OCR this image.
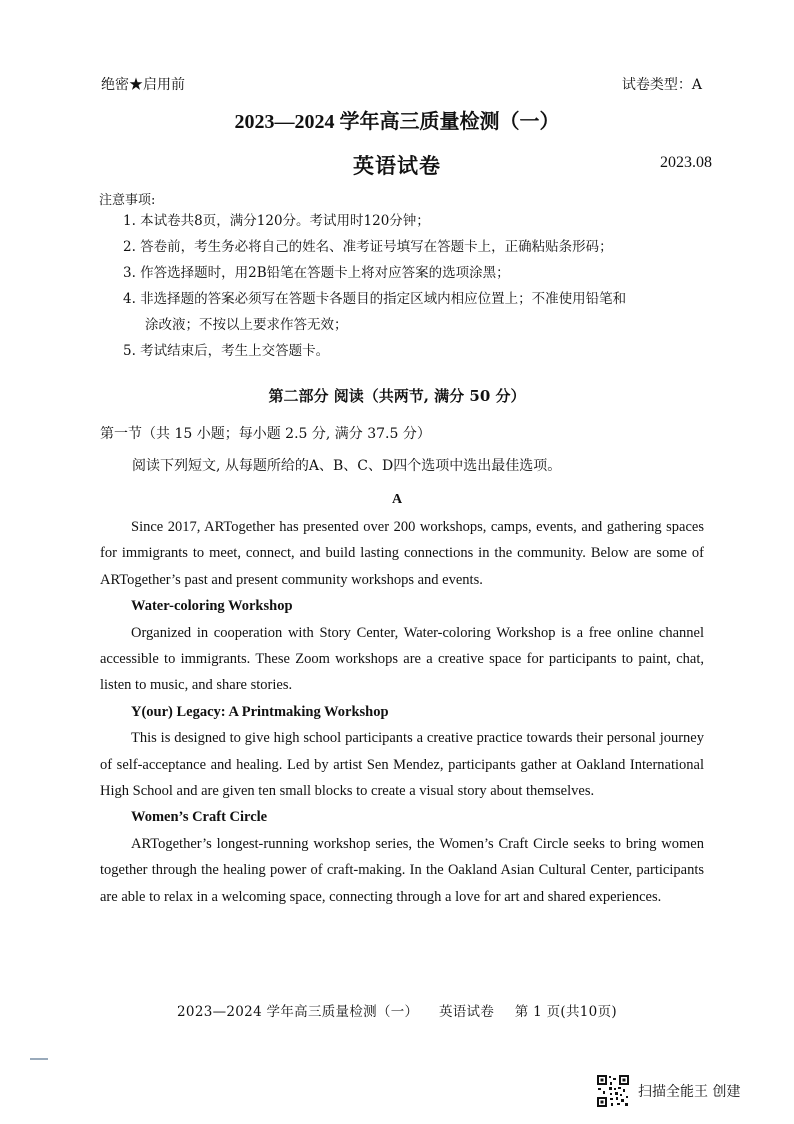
绝密★启用前	试卷类型：A
2023—2024 学年高三质量检测（一）
英语试卷	2023.08
注意事项:
1. 本试卷共8页，满分120分。考试用时120分钟；
2. 答卷前，考生务必将自己的姓名、准考证号填写在答题卡上，正确粘贴条形码；
3. 作答选择题时，用2B铅笔在答题卡上将对应答案的选项涂黑；
4. 非选择题的答案必须写在答题卡各题目的指定区域内相应位置上；不准使用铅笔和
涂改液；不按以上要求作答无效；
5. 考试结束后，考生上交答题卡。
第二部分 阅读（共两节, 满分 50 分）
第一节（共 15 小题；每小题 2.5 分, 满分 37.5 分）
阅读下列短文, 从每题所给的A、B、C、D四个选项中选出最佳选项。
A

Since 2017, ARTogether has presented over 200 workshops, camps, events, and gathering spaces for immigrants to meet, connect, and build lasting connections in the community. Below are some of ARTogether’s past and present community workshops and events.

Water-coloring Workshop

Organized in cooperation with Story Center, Water-coloring Workshop is a free online channel accessible to immigrants. These Zoom workshops are a creative space for participants to paint, chat, listen to music, and share stories.

Y(our) Legacy: A Printmaking Workshop

This is designed to give high school participants a creative practice towards their personal journey of self-acceptance and healing. Led by artist Sen Mendez, participants gather at Oakland International High School and are given ten small blocks to create a visual story about themselves.

Women’s Craft Circle

ARTogether’s longest-running workshop series, the Women’s Craft Circle seeks to bring women together through the healing power of craft-making. In the Oakland Asian Cultural Center, participants are able to relax in a welcoming space, connecting through a love for art and shared experiences.

2023—2024 学年高三质量检测（一） 英语试卷 第 1 页(共10页)
扫描全能王 创建
